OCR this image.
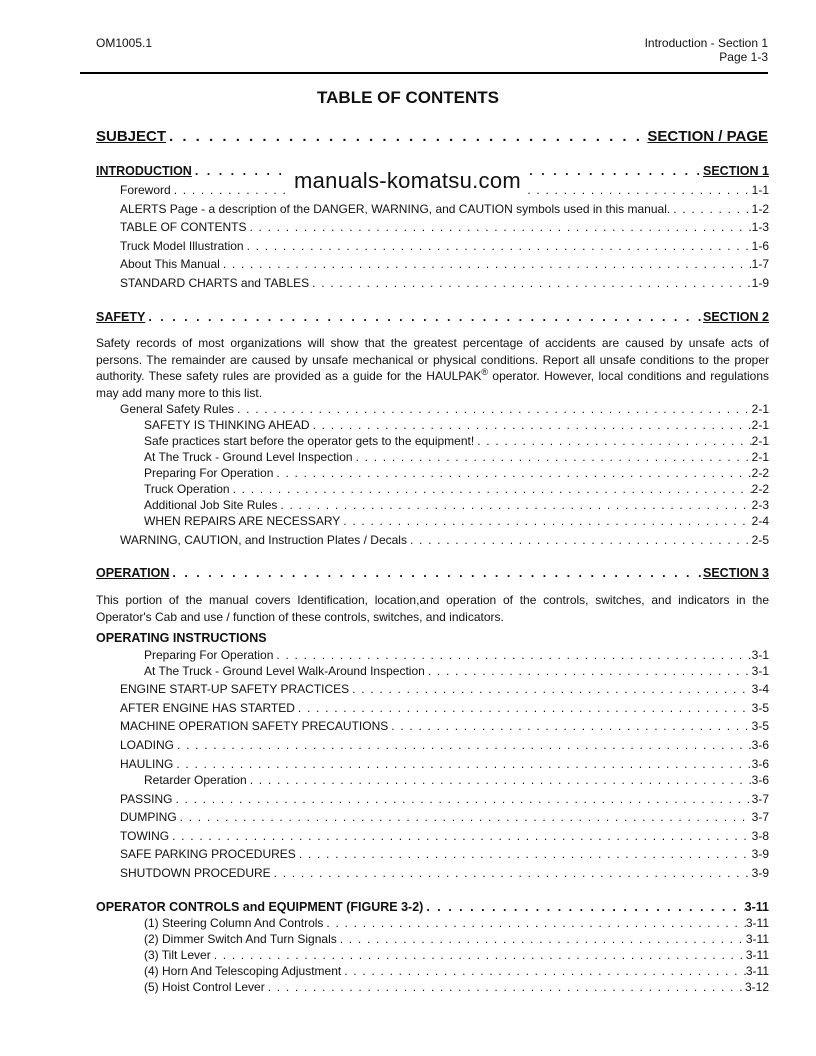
OM1005.1	Introduction - Section 1
Page 1-3
TABLE OF CONTENTS
SUBJECT . . .	SECTION / PAGE
INTRODUCTION . . .	SECTION 1
manuals-komatsu.com
Foreword . . .	1-1
ALERTS Page - a description of the DANGER, WARNING, and CAUTION symbols used in this manual. . . .	1-2
TABLE OF CONTENTS . . .	1-3
Truck Model Illustration . . .	1-6
About This Manual . . .	1-7
STANDARD CHARTS and TABLES . . .	1-9
SAFETY . . .	SECTION 2
Safety records of most organizations will show that the greatest percentage of accidents are caused by unsafe acts of persons. The remainder are caused by unsafe mechanical or physical conditions. Report all unsafe conditions to the proper authority. These safety rules are provided as a guide for the HAULPAK® operator. However, local conditions and regulations may add many more to this list.
General Safety Rules . . .	2-1
SAFETY IS THINKING AHEAD . . .	2-1
Safe practices start before the operator gets to the equipment! . . .	2-1
At The Truck - Ground Level Inspection . . .	2-1
Preparing For Operation . . .	2-2
Truck Operation . . .	2-2
Additional Job Site Rules . . .	2-3
WHEN REPAIRS ARE NECESSARY . . .	2-4
WARNING, CAUTION, and Instruction Plates / Decals . . .	2-5
OPERATION . . .	SECTION 3
This portion of the manual covers Identification, location,and operation of the controls, switches, and indicators in the Operator's Cab and use / function of these controls, switches, and indicators.
OPERATING INSTRUCTIONS
Preparing For Operation . . .	3-1
At The Truck - Ground Level Walk-Around Inspection . . .	3-1
ENGINE START-UP SAFETY PRACTICES . . .	3-4
AFTER ENGINE HAS STARTED . . .	3-5
MACHINE OPERATION SAFETY PRECAUTIONS . . .	3-5
LOADING . . .	3-6
HAULING . . .	3-6
Retarder Operation . . .	3-6
PASSING . . .	3-7
DUMPING . . .	3-7
TOWING . . .	3-8
SAFE PARKING PROCEDURES . . .	3-9
SHUTDOWN PROCEDURE . . .	3-9
OPERATOR CONTROLS and EQUIPMENT (FIGURE 3-2) . . .	3-11
(1) Steering Column And Controls . . .	3-11
(2) Dimmer Switch And Turn Signals . . .	3-11
(3) Tilt Lever . . .	3-11
(4) Horn And Telescoping Adjustment . . .	3-11
(5) Hoist Control Lever . . .	3-12
